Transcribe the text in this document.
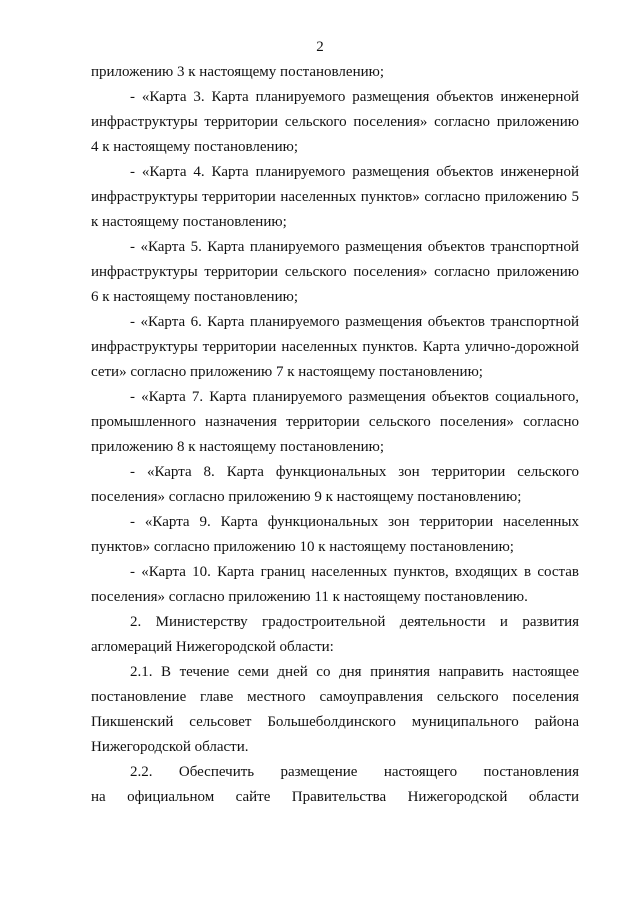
2
приложению 3 к настоящему постановлению;
- «Карта 3. Карта планируемого размещения объектов инженерной
инфраструктуры территории сельского поселения» согласно приложению
4 к настоящему постановлению;
- «Карта 4. Карта планируемого размещения объектов инженерной
инфраструктуры территории населенных пунктов» согласно приложению 5
к настоящему постановлению;
- «Карта 5. Карта планируемого размещения объектов транспортной
инфраструктуры территории сельского поселения» согласно приложению
6 к настоящему постановлению;
- «Карта 6. Карта планируемого размещения объектов транспортной
инфраструктуры территории населенных пунктов. Карта улично-дорожной
сети» согласно приложению 7 к настоящему постановлению;
- «Карта 7. Карта планируемого размещения объектов социального,
промышленного назначения территории сельского поселения» согласно
приложению 8 к настоящему постановлению;
- «Карта 8. Карта функциональных зон территории сельского
поселения» согласно приложению 9 к настоящему постановлению;
- «Карта 9. Карта функциональных зон территории населенных
пунктов» согласно приложению 10 к настоящему постановлению;
- «Карта 10. Карта границ населенных пунктов, входящих в состав
поселения» согласно приложению 11 к настоящему постановлению.
2. Министерству градостроительной деятельности и развития
агломераций Нижегородской области:
2.1. В течение семи дней со дня принятия направить настоящее
постановление главе местного самоуправления сельского поселения
Пикшенский сельсовет Большеболдинского муниципального района
Нижегородской области.
2.2. Обеспечить размещение настоящего постановления
на официальном сайте Правительства Нижегородской области
